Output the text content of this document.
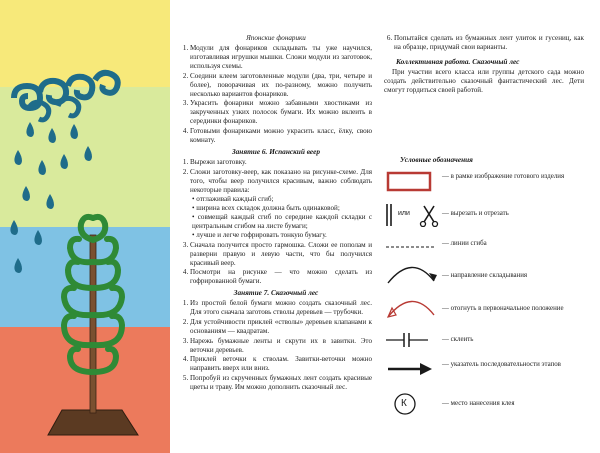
Японские фонарики
1. Модули для фонариков складывать ты уже научился, изготавливая игрушки мышки. Сложи модули из заготовок, используя схемы.
2. Соедини клеем заготовленные модули (два, три, четыре и более), поворачивая их по-разному, можно получить несколько вариантов фонариков.
3. Украсить фонарики можно забавными хвостиками из закрученных узких полосок бумаги. Их можно вклеить в серединки фонариков.
4. Готовыми фонариками можно украсить класс, ёлку, свою комнату.
Занятие 6. Испанский веер
1. Вырежи заготовку.
2. Сложи заготовку-веер, как показано на рисунке-схеме. Для того, чтобы веер получился красивым, важно соблюдать некоторые правила:
• отглаживай каждый сгиб;
• ширина всех складок должна быть одинаковой;
• совмещай каждый сгиб по середине каждой складки с центральным сгибом на листе бумаги;
• лучше и легче гофрировать тонкую бумагу.
3. Сначала получится просто гармошка. Сложи ее пополам и разверни правую и левую части, что бы получился красивый веер.
4. Посмотри на рисунке — что можно сделать из гофрированной бумаги.
Занятие 7. Сказочный лес
1. Из простой белой бумаги можно создать сказочный лес. Для этого сначала заготовь стволы деревьев — трубочки.
2. Для устойчивости приклей «стволы» деревьев клапанами к основаниям — квадратам.
3. Нарежь бумажные ленты и скрути их в завитки. Это веточки деревьев.
4. Приклей веточки к стволам. Завитки-веточки можно направить вверх или вниз.
5. Попробуй из скрученных бумажных лент создать красивые цветы и траву. Им можно дополнить сказочный лес.
6. Попытайся сделать из бумажных лент улиток и гусениц, как на образце, придумай свои варианты.
Коллективная работа. Сказочный лес

При участии всего класса или группы детского сада можно создать действительно сказочный фантастический лес. Дети смогут гордиться своей работой.

Условные обозначения
— в рамке изображение готового изделия
или	— вырезать и отрезать
— линии сгиба
— направление складывания
— отогнуть в первоначальное положение
— склеить
— указатель последовательности этапов
К	— место нанесения клея
